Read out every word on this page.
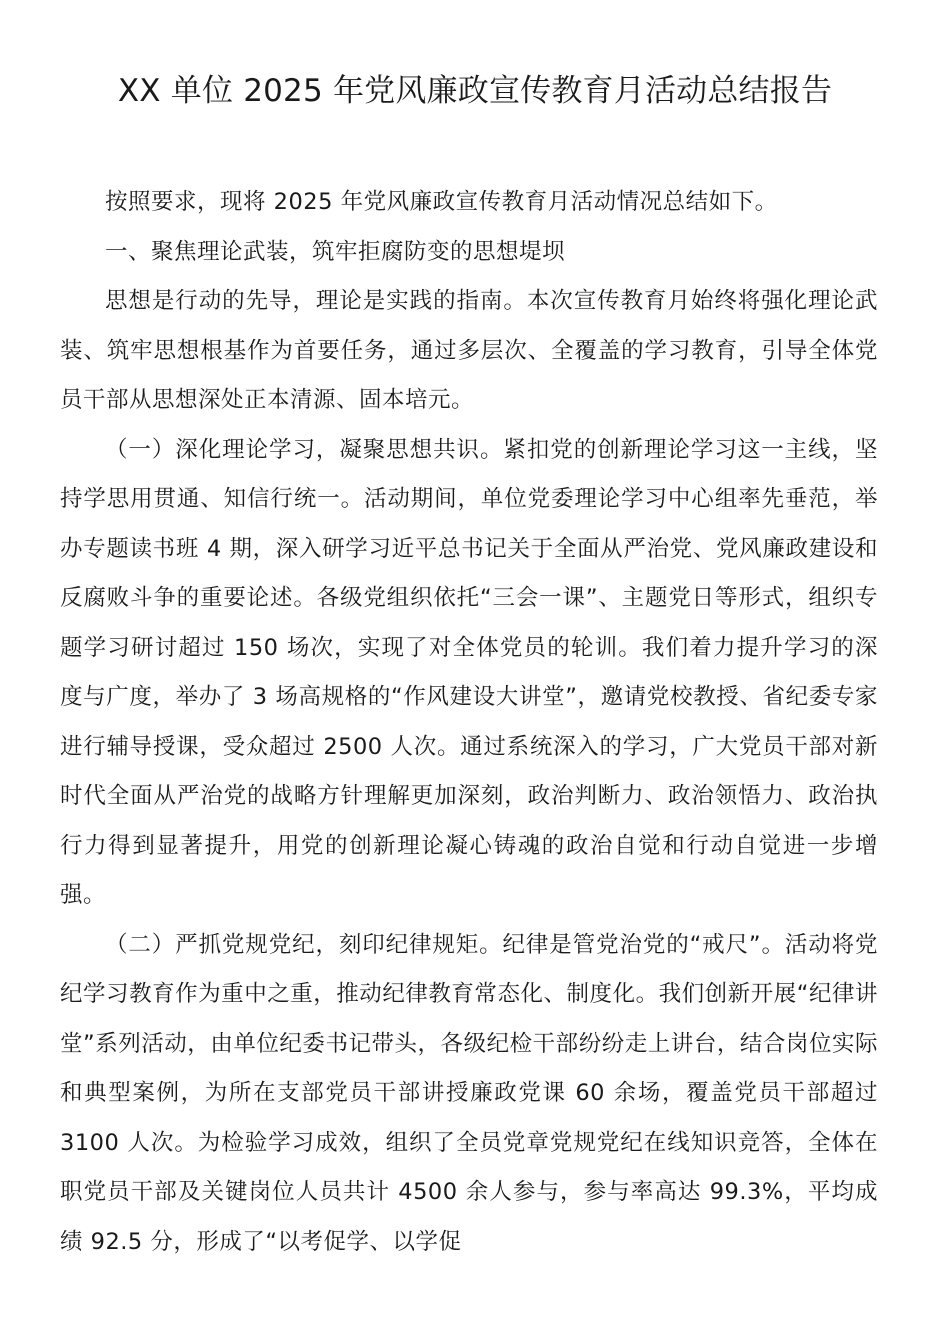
XX 单位 2025 年党风廉政宣传教育月活动总结报告

按照要求，现将 2025 年党风廉政宣传教育月活动情况总结如下。

一、聚焦理论武装，筑牢拒腐防变的思想堤坝

思想是行动的先导，理论是实践的指南。本次宣传教育月始终将强化理论武装、筑牢思想根基作为首要任务，通过多层次、全覆盖的学习教育，引导全体党员干部从思想深处正本清源、固本培元。

（一）深化理论学习，凝聚思想共识。紧扣党的创新理论学习这一主线，坚持学思用贯通、知信行统一。活动期间，单位党委理论学习中心组率先垂范，举办专题读书班 4 期，深入研学习近平总书记关于全面从严治党、党风廉政建设和反腐败斗争的重要论述。各级党组织依托“三会一课”、主题党日等形式，组织专题学习研讨超过 150 场次，实现了对全体党员的轮训。我们着力提升学习的深度与广度，举办了 3 场高规格的“作风建设大讲堂”，邀请党校教授、省纪委专家进行辅导授课，受众超过 2500 人次。通过系统深入的学习，广大党员干部对新时代全面从严治党的战略方针理解更加深刻，政治判断力、政治领悟力、政治执行力得到显著提升，用党的创新理论凝心铸魂的政治自觉和行动自觉进一步增强。

（二）严抓党规党纪，刻印纪律规矩。纪律是管党治党的“戒尺”。活动将党纪学习教育作为重中之重，推动纪律教育常态化、制度化。我们创新开展“纪律讲堂”系列活动，由单位纪委书记带头，各级纪检干部纷纷走上讲台，结合岗位实际和典型案例，为所在支部党员干部讲授廉政党课 60 余场，覆盖党员干部超过 3100 人次。为检验学习成效，组织了全员党章党规党纪在线知识竞答，全体在职党员干部及关键岗位人员共计 4500 余人参与，参与率高达 99.3%，平均成绩 92.5 分，形成了“以考促学、以学促
